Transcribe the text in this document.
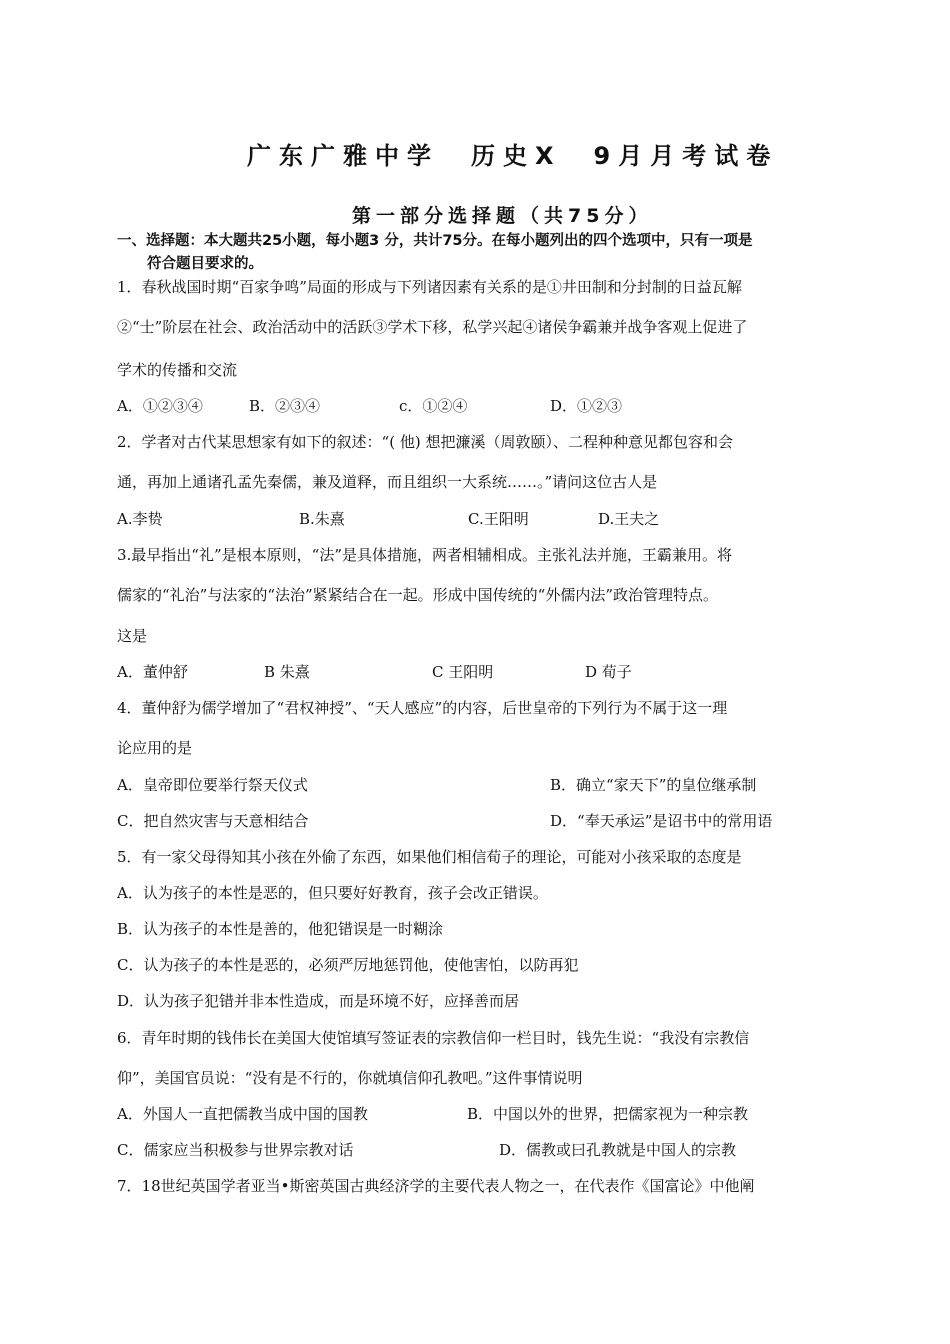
广东广雅中学　历史X　9月月考试卷
第一部分选择题（共75分）
一、选择题：本大题共25小题，每小题3 分，共计75分。在每小题列出的四个选项中，只有一项是
符合题目要求的。
1．春秋战国时期“百家争鸣”局面的形成与下列诸因素有关系的是①井田制和分封制的日益瓦解
②“士”阶层在社会、政治活动中的活跃③学术下移，私学兴起④诸侯争霸兼并战争客观上促进了
学术的传播和交流
A．①②③④	B．②③④	c．①②④	D．①②③
2．学者对古代某思想家有如下的叙述：“( 他) 想把濂溪（周敦颐）、二程种种意见都包容和会
通，再加上通诸孔孟先秦儒，兼及道释，而且组织一大系统……。”请问这位古人是
A.李贽	B.朱熹	C.王阳明	D.王夫之
3.最早指出“礼”是根本原则，“法”是具体措施，两者相辅相成。主张礼法并施，王霸兼用。将
儒家的“礼治”与法家的“法治”紧紧结合在一起。形成中国传统的“外儒内法”政治管理特点。
这是
A．董仲舒	B 朱熹	C 王阳明	D 荀子
4．董仲舒为儒学增加了“君权神授”、“天人感应”的内容，后世皇帝的下列行为不属于这一理
论应用的是
A．皇帝即位要举行祭天仪式	B．确立“家天下”的皇位继承制
C．把自然灾害与天意相结合	D．“奉天承运”是诏书中的常用语
5．有一家父母得知其小孩在外偷了东西，如果他们相信荀子的理论，可能对小孩采取的态度是
A．认为孩子的本性是恶的，但只要好好教育，孩子会改正错误。
B．认为孩子的本性是善的，他犯错误是一时糊涂
C．认为孩子的本性是恶的，必须严厉地惩罚他，使他害怕，以防再犯
D．认为孩子犯错并非本性造成，而是环境不好，应择善而居
6．青年时期的钱伟长在美国大使馆填写签证表的宗教信仰一栏目时，钱先生说：“我没有宗教信
仰”，美国官员说：“没有是不行的，你就填信仰孔教吧。”这件事情说明
A．外国人一直把儒教当成中国的国教	B．中国以外的世界，把儒家视为一种宗教
C．儒家应当积极参与世界宗教对话	D．儒教或曰孔教就是中国人的宗教
7．18世纪英国学者亚当•斯密英国古典经济学的主要代表人物之一，在代表作《国富论》中他阐
